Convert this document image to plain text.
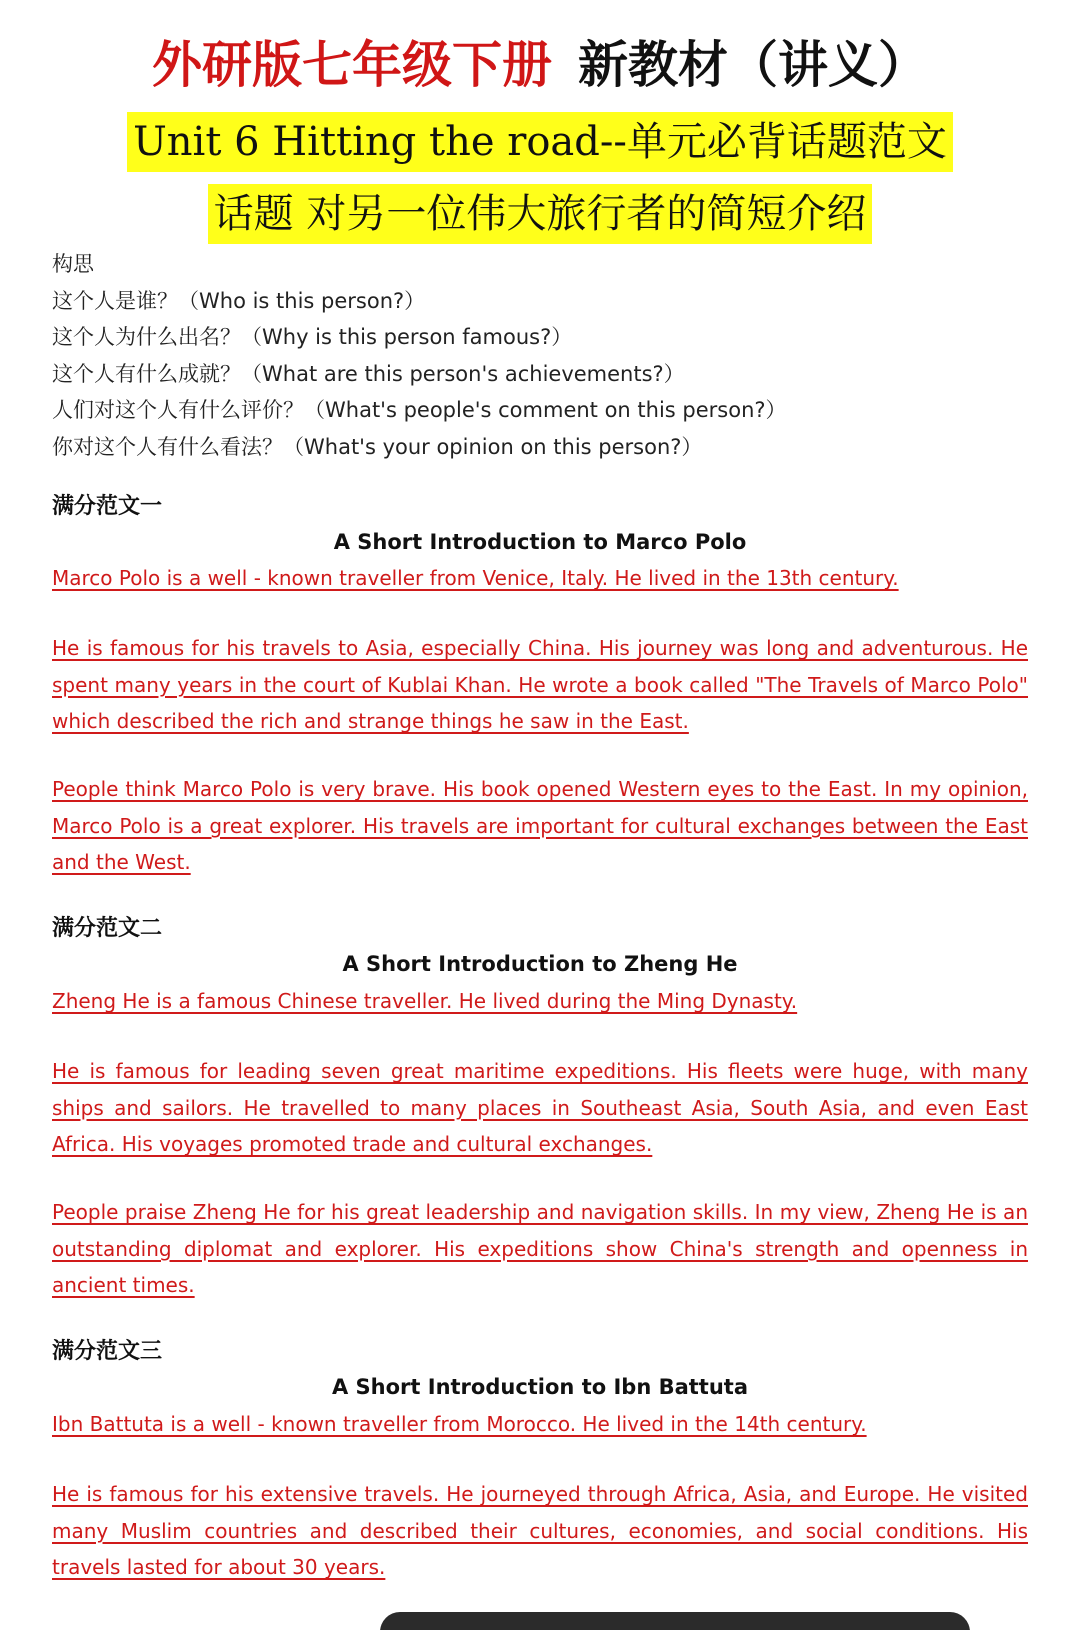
外研版七年级下册 新教材（讲义）
Unit 6 Hitting the road--单元必背话题范文
话题 对另一位伟大旅行者的简短介绍
构思
这个人是谁？（Who is this person?）
这个人为什么出名？（Why is this person famous?）
这个人有什么成就？（What are this person's achievements?）
人们对这个人有什么评价？（What's people's comment on this person?）
你对这个人有什么看法？（What's your opinion on this person?）
满分范文一
A Short Introduction to Marco Polo
Marco Polo is a well - known traveller from Venice, Italy. He lived in the 13th century.
He is famous for his travels to Asia, especially China. His journey was long and adventurous. He spent many years in the court of Kublai Khan. He wrote a book called "The Travels of Marco Polo" which described the rich and strange things he saw in the East.
People think Marco Polo is very brave. His book opened Western eyes to the East. In my opinion, Marco Polo is a great explorer. His travels are important for cultural exchanges between the East and the West.
满分范文二
A Short Introduction to Zheng He
Zheng He is a famous Chinese traveller. He lived during the Ming Dynasty.
He is famous for leading seven great maritime expeditions. His fleets were huge, with many ships and sailors. He travelled to many places in Southeast Asia, South Asia, and even East Africa. His voyages promoted trade and cultural exchanges.
People praise Zheng He for his great leadership and navigation skills. In my view, Zheng He is an outstanding diplomat and explorer. His expeditions show China's strength and openness in ancient times.
满分范文三
A Short Introduction to Ibn Battuta
Ibn Battuta is a well - known traveller from Morocco. He lived in the 14th century.
He is famous for his extensive travels. He journeyed through Africa, Asia, and Europe. He visited many Muslim countries and described their cultures, economies, and social conditions. His travels lasted for about 30 years.
